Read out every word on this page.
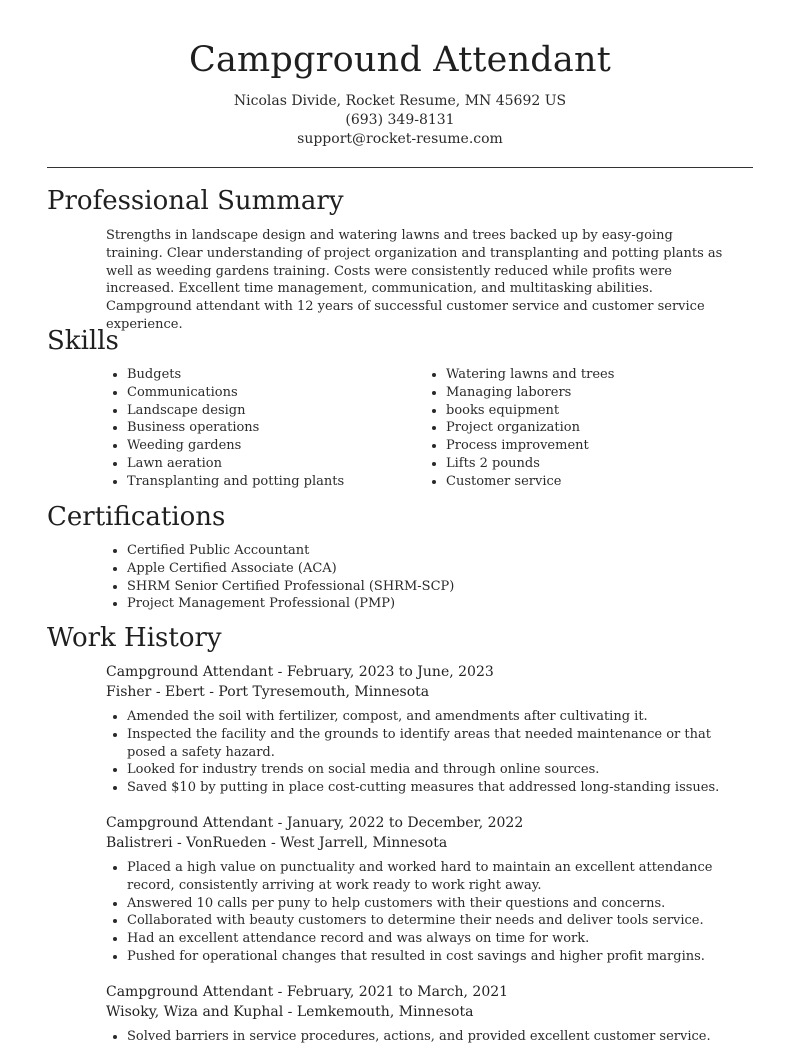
Campground Attendant
Nicolas Divide, Rocket Resume, MN 45692 US
(693) 349-8131
support@rocket-resume.com
Professional Summary
Strengths in landscape design and watering lawns and trees backed up by easy-going training. Clear understanding of project organization and transplanting and potting plants as well as weeding gardens training. Costs were consistently reduced while profits were increased. Excellent time management, communication, and multitasking abilities. Campground attendant with 12 years of successful customer service and customer service experience.
Skills
• Budgets
• Communications
• Landscape design
• Business operations
• Weeding gardens
• Lawn aeration
• Transplanting and potting plants
• Watering lawns and trees
• Managing laborers
• books equipment
• Project organization
• Process improvement
• Lifts 2 pounds
• Customer service
Certifications
• Certified Public Accountant
• Apple Certified Associate (ACA)
• SHRM Senior Certified Professional (SHRM-SCP)
• Project Management Professional (PMP)
Work History
Campground Attendant - February, 2023 to June, 2023
Fisher - Ebert - Port Tyresemouth, Minnesota
• Amended the soil with fertilizer, compost, and amendments after cultivating it.
• Inspected the facility and the grounds to identify areas that needed maintenance or that posed a safety hazard.
• Looked for industry trends on social media and through online sources.
• Saved $10 by putting in place cost-cutting measures that addressed long-standing issues.
Campground Attendant - January, 2022 to December, 2022
Balistreri - VonRueden - West Jarrell, Minnesota
• Placed a high value on punctuality and worked hard to maintain an excellent attendance record, consistently arriving at work ready to work right away.
• Answered 10 calls per puny to help customers with their questions and concerns.
• Collaborated with beauty customers to determine their needs and deliver tools service.
• Had an excellent attendance record and was always on time for work.
• Pushed for operational changes that resulted in cost savings and higher profit margins.
Campground Attendant - February, 2021 to March, 2021
Wisoky, Wiza and Kuphal - Lemkemouth, Minnesota
• Solved barriers in service procedures, actions, and provided excellent customer service.
